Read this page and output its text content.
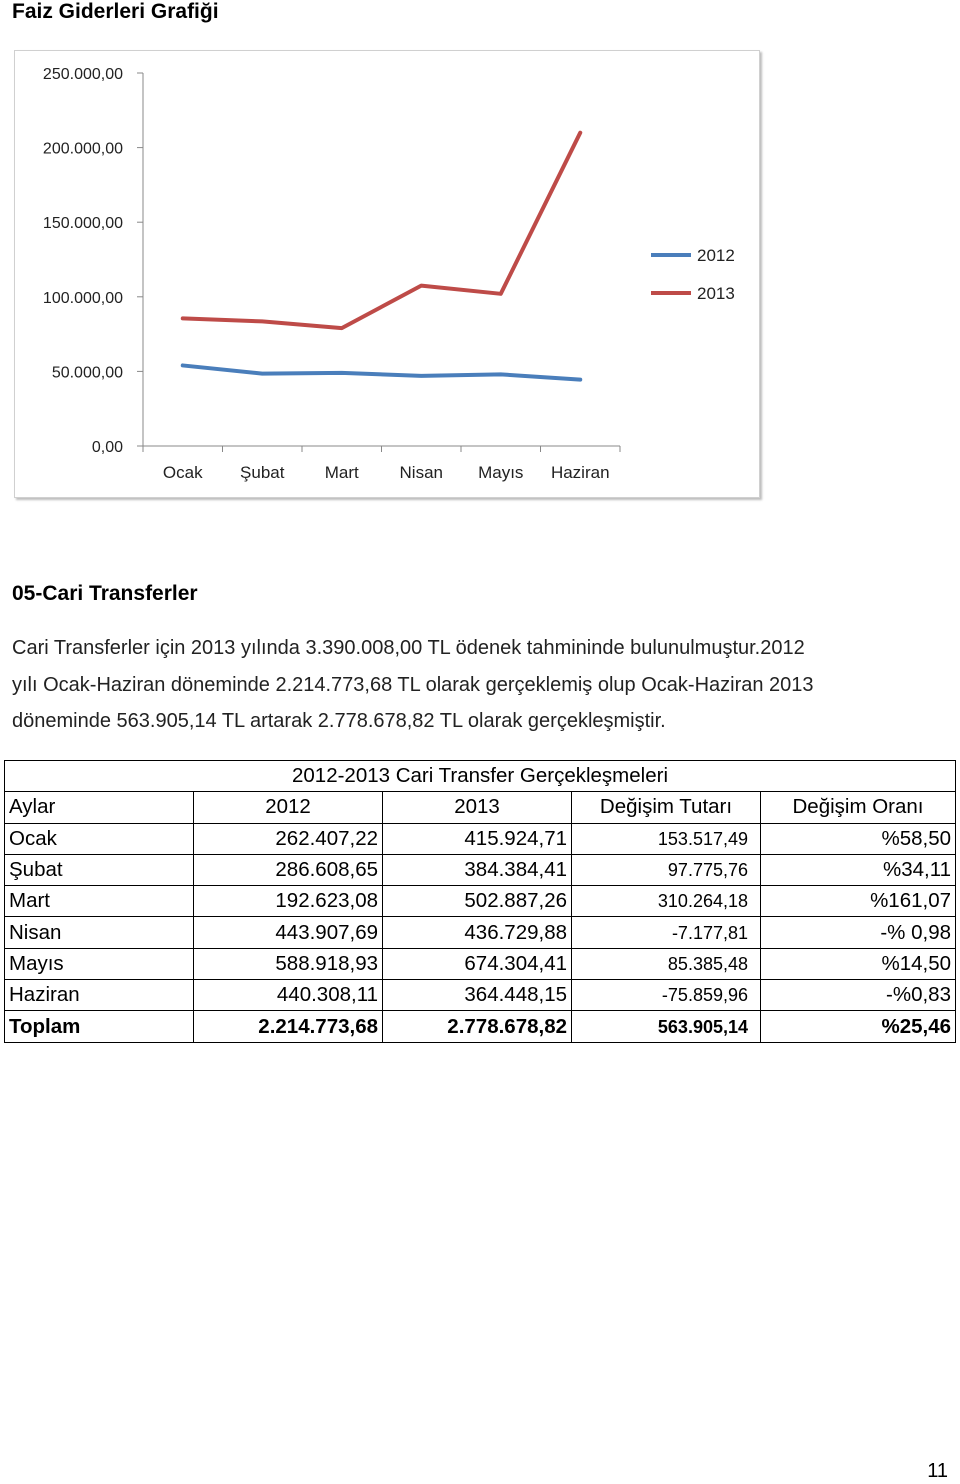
Faiz Giderleri Grafiği
250.000,00
200.000,00
150.000,00
100.000,00
50.000,00
0,00
Ocak Şubat Mart Nisan Mayıs Haziran
2012
2013
05-Cari Transferler
Cari Transferler için 2013 yılında 3.390.008,00 TL ödenek tahmininde bulunulmuştur.2012
yılı Ocak-Haziran döneminde 2.214.773,68 TL olarak gerçeklemiş olup Ocak-Haziran 2013
döneminde 563.905,14 TL artarak 2.778.678,82 TL olarak gerçekleşmiştir.
2012-2013 Cari Transfer Gerçekleşmeleri				
Aylar	2012	2013	Değişim Tutarı	Değişim Oranı
Ocak	262.407,22	415.924,71	153.517,49	%58,50
Şubat	286.608,65	384.384,41	97.775,76	%34,11
Mart	192.623,08	502.887,26	310.264,18	%161,07
Nisan	443.907,69	436.729,88	-7.177,81	-% 0,98
Mayıs	588.918,93	674.304,41	85.385,48	%14,50
Haziran	440.308,11	364.448,15	-75.859,96	-%0,83
Toplam	2.214.773,68	2.778.678,82	563.905,14	%25,46
11
